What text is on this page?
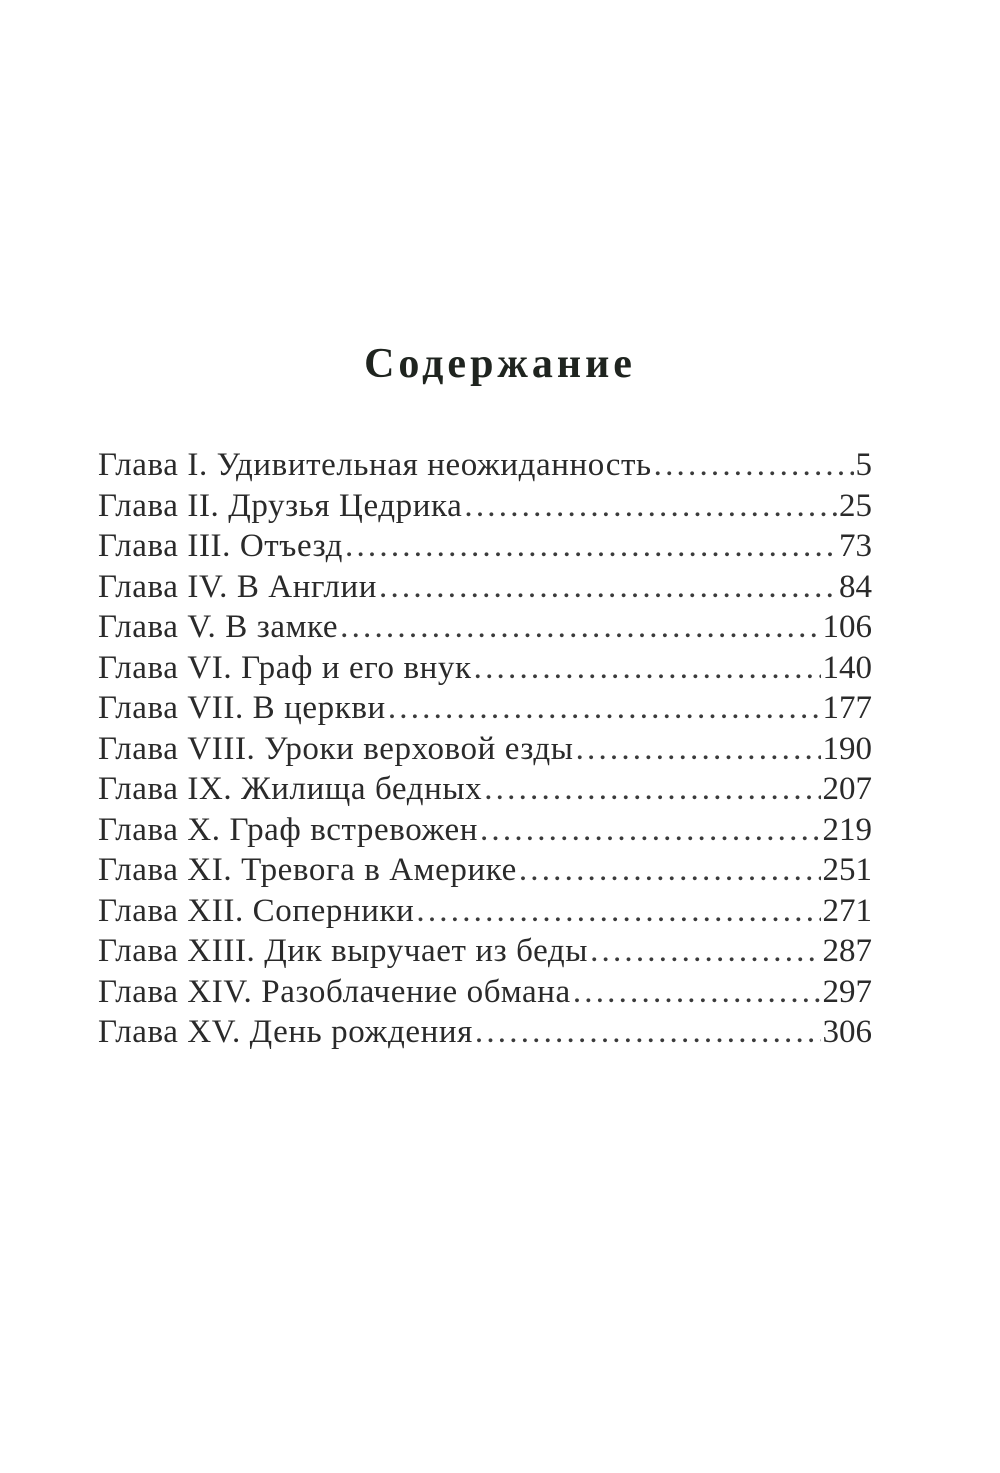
Содержание
Глава I. Удивительная неожиданность .....	5
Глава II. Друзья Цедрика .....	25
Глава III. Отъезд .....	73
Глава IV. В Англии .....	84
Глава V. В замке .....	106
Глава VI. Граф и его внук .....	140
Глава VII. В церкви .....	177
Глава VIII. Уроки верховой езды .....	190
Глава IX. Жилища бедных .....	207
Глава X. Граф встревожен .....	219
Глава XI. Тревога в Америке .....	251
Глава XII. Соперники .....	271
Глава XIII. Дик выручает из беды .....	287
Глава XIV. Разоблачение обмана .....	297
Глава XV. День рождения .....	306
